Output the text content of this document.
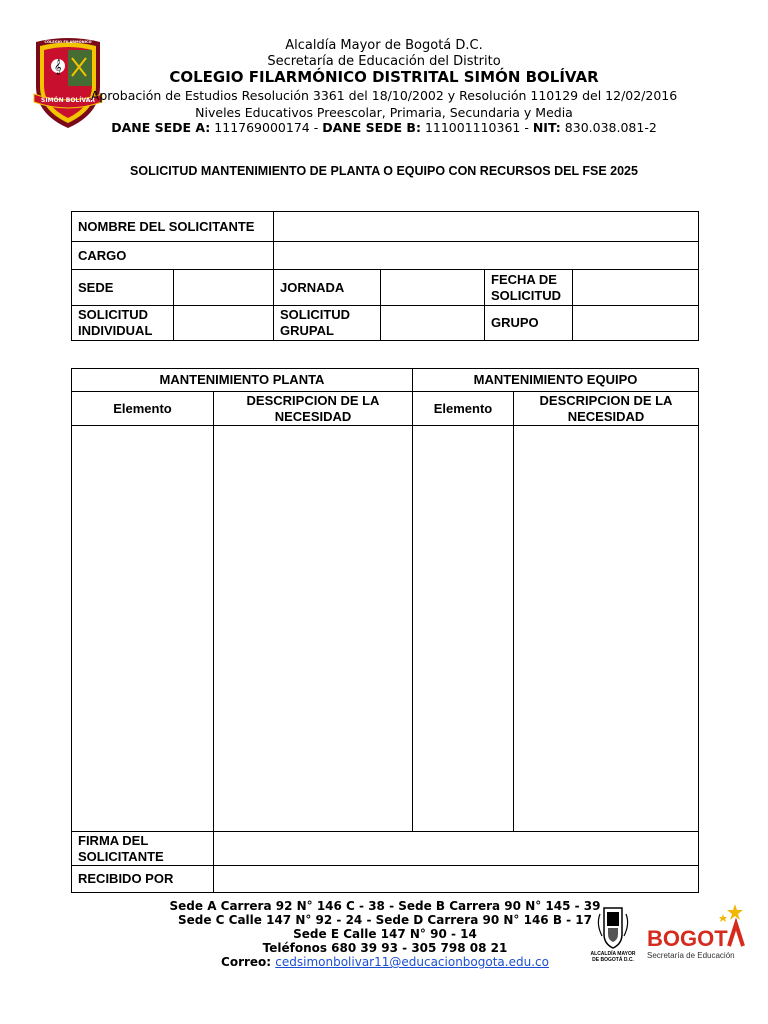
𝄞
SIMÓN BOLÍVAR
COLEGIO FILARMÓNICO	Alcaldía Mayor de Bogotá D.C.
Secretaría de Educación del Distrito
COLEGIO FILARMÓNICO DISTRITAL SIMÓN BOLÍVAR
Aprobación de Estudios Resolución 3361 del 18/10/2002 y Resolución 110129 del 12/02/2016
Niveles Educativos Preescolar, Primaria, Secundaria y Media
DANE SEDE A: 111769000174 - DANE SEDE B: 111001110361 - NIT: 830.038.081-2
SOLICITUD MANTENIMIENTO DE PLANTA O EQUIPO CON RECURSOS DEL FSE 2025
NOMBRE DEL SOLICITANTE					
CARGO					
SEDE		JORNADA		FECHA DE SOLICITUD	
SOLICITUD INDIVIDUAL		SOLICITUD GRUPAL		GRUPO	
MANTENIMIENTO PLANTA		MANTENIMIENTO EQUIPO	
Elemento	DESCRIPCION DE LA NECESIDAD	Elemento	DESCRIPCION DE LA NECESIDAD

FIRMA DEL SOLICITANTE			
RECIBIDO POR			
Sede A Carrera 92 N° 146 C - 38 - Sede B Carrera 90 N° 145 - 39
Sede C Calle 147 N° 92 - 24 - Sede D Carrera 90 N° 146 B - 17
Sede E Calle 147 N° 90 - 14
Teléfonos 680 39 93 - 305 798 08 21
Correo: cedsimonbolivar11@educacionbogota.edu.co
ALCALDÍA MAYOR
DE BOGOTÁ D.C.
BOGOT
Secretaría de Educación
